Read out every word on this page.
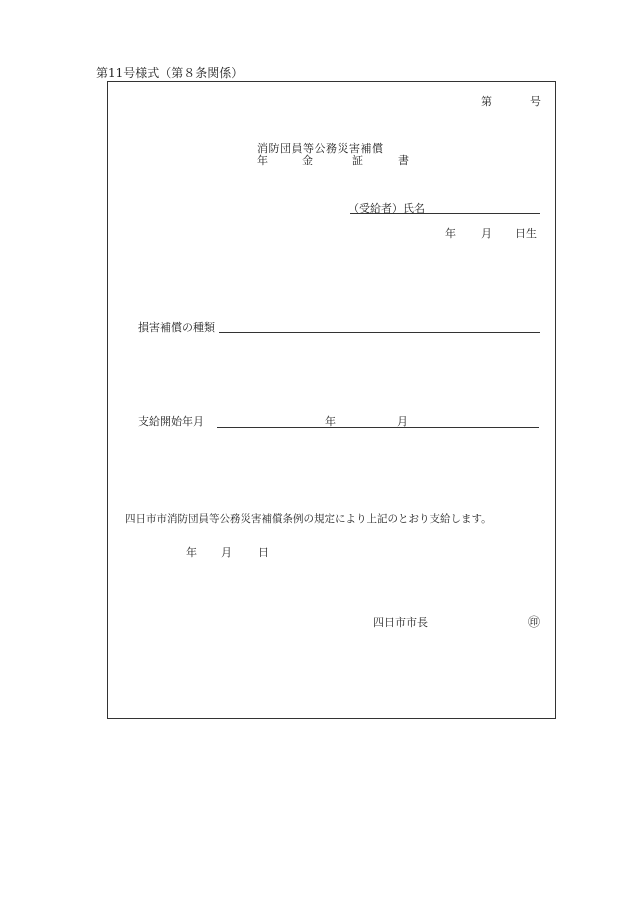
第11号様式（第８条関係）
第	号
消防団員等公務災害補償
年	金	証	書
（受給者）氏名
年 月 日生
損害補償の種類
支給開始年月	年	月
四日市市消防団員等公務災害補償条例の規定により上記のとおり支給します。
年 月 日
四日市市長	㊞
